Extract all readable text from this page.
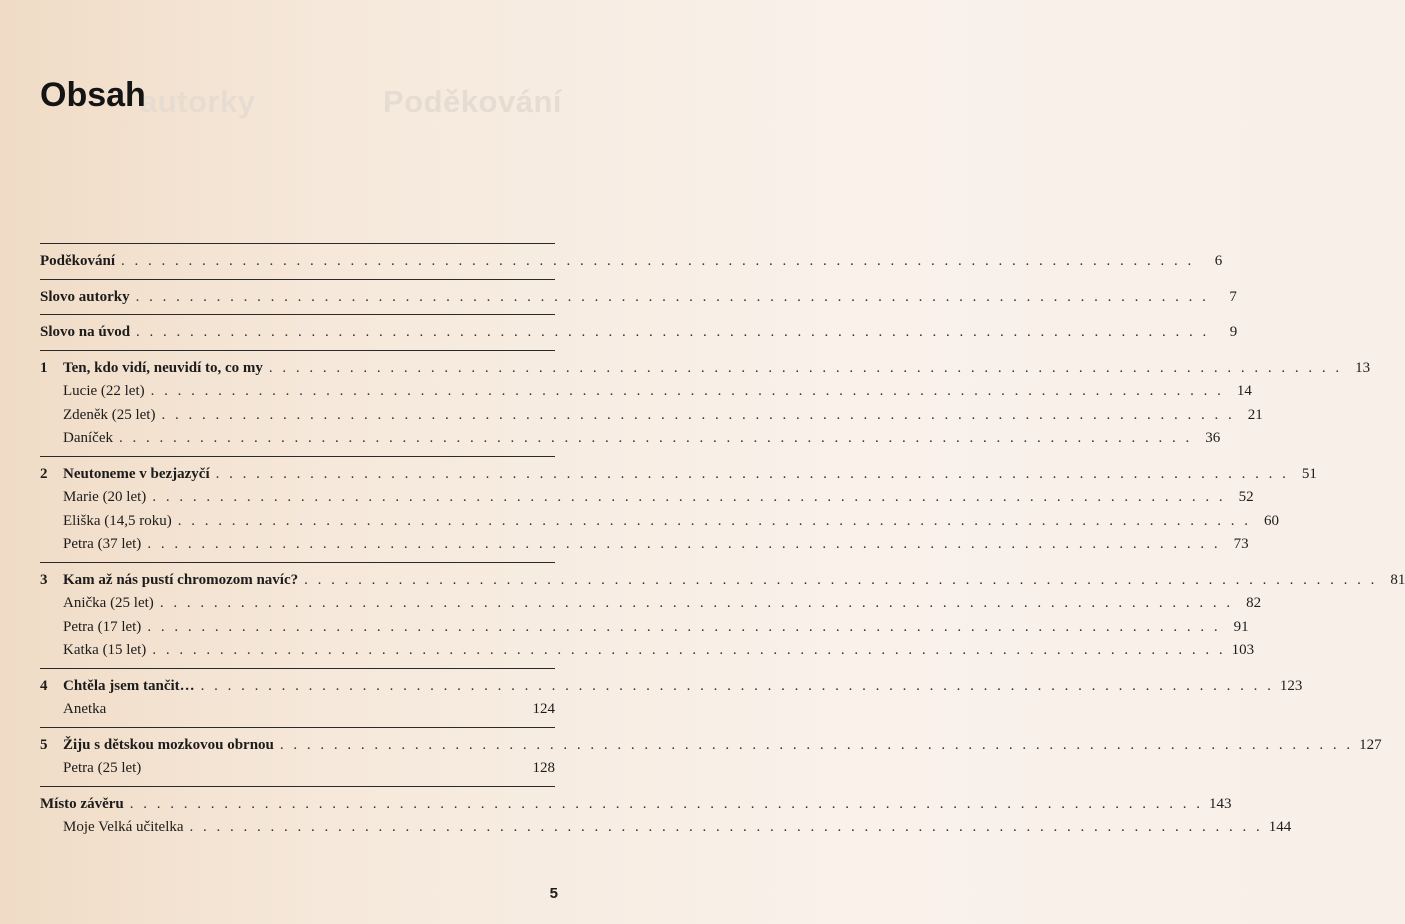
autorky	Poděkování
Obsah
Poděkování . . . . . . . . . . . . . . . . . . . . . . . . . . . . . . . . . . . . . . . . . . . . . . . . . . . . . . . . . . . . . . . . . . . . . . . . . . . . . . . .	6
Slovo autorky . . . . . . . . . . . . . . . . . . . . . . . . . . . . . . . . . . . . . . . . . . . . . . . . . . . . . . . . . . . . . . . . . . . . . . . . . . . . . . . .	7
Slovo na úvod . . . . . . . . . . . . . . . . . . . . . . . . . . . . . . . . . . . . . . . . . . . . . . . . . . . . . . . . . . . . . . . . . . . . . . . . . . . . . . . .	9
1 Ten, kdo vidí, neuvidí to, co my . . . . . . . . . . . . . . . . . . . . . . . . . . . . . . . . . . . . . . . . . . . . . . . . . . . . . . . . . . . . . . . . . . . . . . . . . . . . . . . . 13
Lucie (22 let) . . . . . . . . . . . . . . . . . . . . . . . . . . . . . . . . . . . . . . . . . . . . . . . . . . . . . . . . . . . . . . . . . . . . . . . . . . . . . . . . 14
Zdeněk (25 let) . . . . . . . . . . . . . . . . . . . . . . . . . . . . . . . . . . . . . . . . . . . . . . . . . . . . . . . . . . . . . . . . . . . . . . . . . . . . . . . . 21
Daníček . . . . . . . . . . . . . . . . . . . . . . . . . . . . . . . . . . . . . . . . . . . . . . . . . . . . . . . . . . . . . . . . . . . . . . . . . . . . . . . . 36
2 Neutoneme v bezjazyčí . . . . . . . . . . . . . . . . . . . . . . . . . . . . . . . . . . . . . . . . . . . . . . . . . . . . . . . . . . . . . . . . . . . . . . . . . . . . . . . . 51
Marie (20 let) . . . . . . . . . . . . . . . . . . . . . . . . . . . . . . . . . . . . . . . . . . . . . . . . . . . . . . . . . . . . . . . . . . . . . . . . . . . . . . . . 52
Eliška (14,5 roku) . . . . . . . . . . . . . . . . . . . . . . . . . . . . . . . . . . . . . . . . . . . . . . . . . . . . . . . . . . . . . . . . . . . . . . . . . . . . . . . . 60
Petra (37 let) . . . . . . . . . . . . . . . . . . . . . . . . . . . . . . . . . . . . . . . . . . . . . . . . . . . . . . . . . . . . . . . . . . . . . . . . . . . . . . . . 73
3 Kam až nás pustí chromozom navíc? . . . . . . . . . . . . . . . . . . . . . . . . . . . . . . . . . . . . . . . . . . . . . . . . . . . . . . . . . . . . . . . . . . . . . . . . . . . . . . . . 81
Anička (25 let) . . . . . . . . . . . . . . . . . . . . . . . . . . . . . . . . . . . . . . . . . . . . . . . . . . . . . . . . . . . . . . . . . . . . . . . . . . . . . . . . 82
Petra (17 let) . . . . . . . . . . . . . . . . . . . . . . . . . . . . . . . . . . . . . . . . . . . . . . . . . . . . . . . . . . . . . . . . . . . . . . . . . . . . . . . . 91
Katka (15 let) . . . . . . . . . . . . . . . . . . . . . . . . . . . . . . . . . . . . . . . . . . . . . . . . . . . . . . . . . . . . . . . . . . . . . . . . . . . . . . . . 103
4 Chtěla jsem tančit… . . . . . . . . . . . . . . . . . . . . . . . . . . . . . . . . . . . . . . . . . . . . . . . . . . . . . . . . . . . . . . . . . . . . . . . . . . . . . . . . 123
Anetka	124
5 Žiju s dětskou mozkovou obrnou . . . . . . . . . . . . . . . . . . . . . . . . . . . . . . . . . . . . . . . . . . . . . . . . . . . . . . . . . . . . . . . . . . . . . . . . . . . . . . . . 127
Petra (25 let)	128
Místo závěru . . . . . . . . . . . . . . . . . . . . . . . . . . . . . . . . . . . . . . . . . . . . . . . . . . . . . . . . . . . . . . . . . . . . . . . . . . . . . . . . 143
Moje Velká učitelka . . . . . . . . . . . . . . . . . . . . . . . . . . . . . . . . . . . . . . . . . . . . . . . . . . . . . . . . . . . . . . . . . . . . . . . . . . . . . . . . 144
5
